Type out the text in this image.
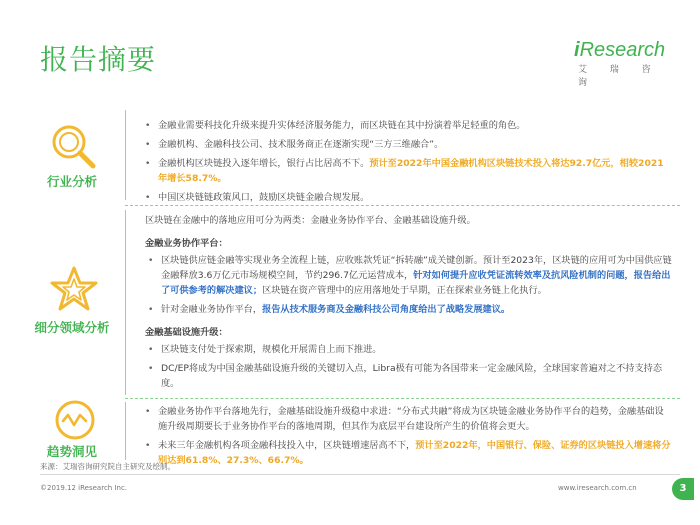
报告摘要	iResearch
艾 瑞 咨 询
行业分析
• 金融业需要科技化升级来提升实体经济服务能力，而区块链在其中扮演着举足轻重的角色。
• 金融机构、金融科技公司、技术服务商正在逐渐实现“三方三维融合”。
• 金融机构区块链投入逐年增长，银行占比居高不下。预计至2022年中国金融机构区块链技术投入将达92.7亿元，相较2021年增长58.7%。
• 中国区块链链政策风口，鼓励区块链金融合规发展。
细分领域分析
区块链在金融中的落地应用可分为两类：金融业务协作平台、金融基础设施升级。
金融业务协作平台：
• 区块链供应链金融等实现业务全流程上链，应收账款凭证“拆转融”成关键创新。预计至2023年，区块链的应用可为中国供应链金融释放3.6万亿元市场规模空间，节约296.7亿元运营成本，针对如何提升应收凭证流转效率及抗风险机制的问题，报告给出了可供参考的解决建议；区块链在资产管理中的应用落地处于早期，正在探索业务链上化执行。
• 针对金融业务协作平台，报告从技术服务商及金融科技公司角度给出了战略发展建议。
金融基础设施升级：
• 区块链支付处于探索期，规模化开展需自上而下推进。
• DC/EP将成为中国金融基础设施升级的关键切入点，Libra极有可能为各国带来一定金融风险，全球国家普遍对之不持支持态度。
趋势洞见
• 金融业务协作平台落地先行，金融基础设施升级稳中求进：“分布式共融”将成为区块链金融业务协作平台的趋势，金融基础设施升级周期要长于业务协作平台的落地周期，但其作为底层平台建设所产生的价值将会更大。
• 未来三年金融机构各项金融科技投入中，区块链增速居高不下，预计至2022年，中国银行、保险、证券的区块链投入增速将分别达到61.8%、27.3%、66.7%。
来源：艾瑞咨询研究院自主研究及绘制。
©2019.12 iResearch Inc.	www.iresearch.com.cn	3
